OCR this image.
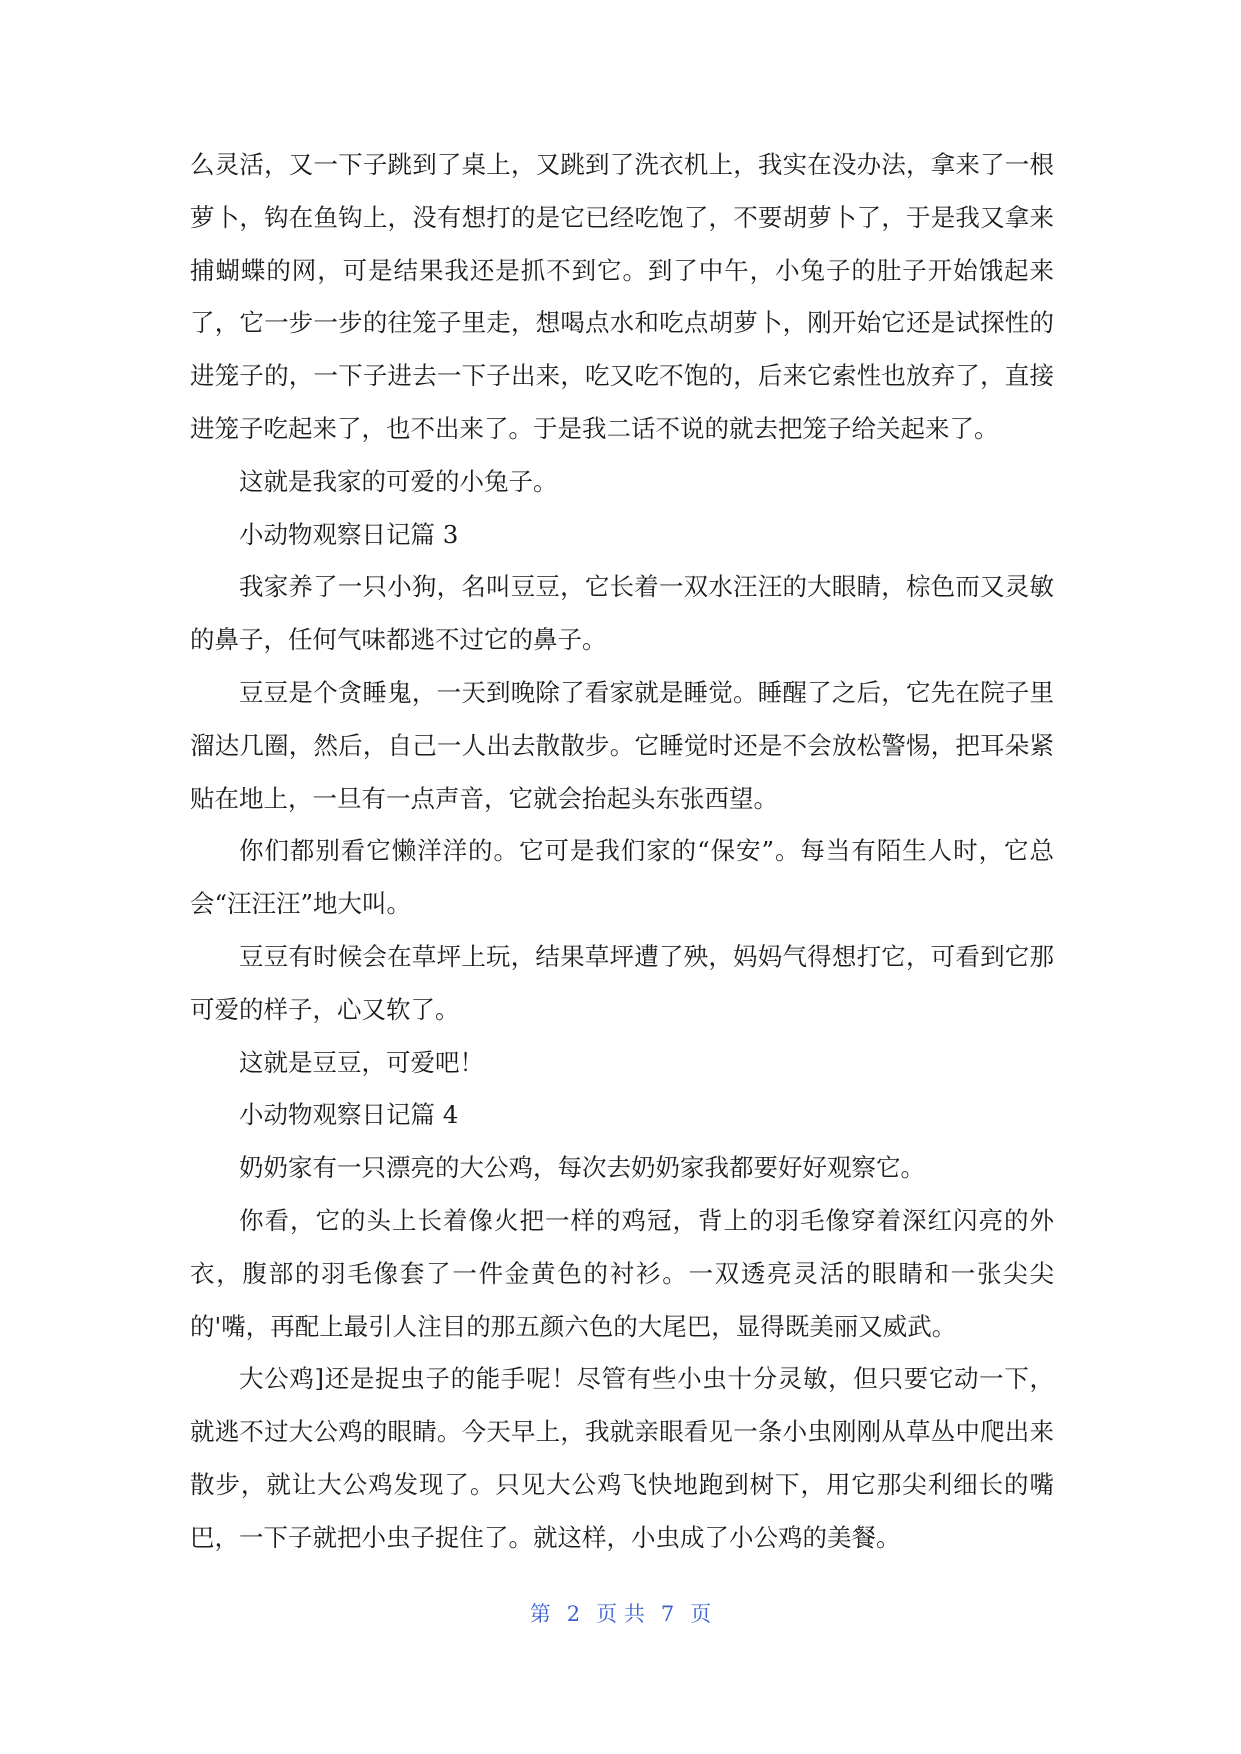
么灵活，又一下子跳到了桌上，又跳到了洗衣机上，我实在没办法，拿来了一根萝卜，钩在鱼钩上，没有想打的是它已经吃饱了，不要胡萝卜了，于是我又拿来捕蝴蝶的网，可是结果我还是抓不到它。到了中午，小兔子的肚子开始饿起来了，它一步一步的往笼子里走，想喝点水和吃点胡萝卜，刚开始它还是试探性的进笼子的，一下子进去一下子出来，吃又吃不饱的，后来它索性也放弃了，直接进笼子吃起来了，也不出来了。于是我二话不说的就去把笼子给关起来了。

这就是我家的可爱的小兔子。

小动物观察日记篇 3

我家养了一只小狗，名叫豆豆，它长着一双水汪汪的大眼睛，棕色而又灵敏的鼻子，任何气味都逃不过它的鼻子。

豆豆是个贪睡鬼，一天到晚除了看家就是睡觉。睡醒了之后，它先在院子里溜达几圈，然后，自己一人出去散散步。它睡觉时还是不会放松警惕，把耳朵紧贴在地上，一旦有一点声音，它就会抬起头东张西望。

你们都别看它懒洋洋的。它可是我们家的“保安”。每当有陌生人时，它总会“汪汪汪”地大叫。

豆豆有时候会在草坪上玩，结果草坪遭了殃，妈妈气得想打它，可看到它那可爱的样子，心又软了。

这就是豆豆，可爱吧！

小动物观察日记篇 4

奶奶家有一只漂亮的大公鸡，每次去奶奶家我都要好好观察它。

你看，它的头上长着像火把一样的鸡冠，背上的羽毛像穿着深红闪亮的外衣，腹部的羽毛像套了一件金黄色的衬衫。一双透亮灵活的眼睛和一张尖尖的'嘴，再配上最引人注目的那五颜六色的大尾巴，显得既美丽又威武。

大公鸡]还是捉虫子的能手呢！尽管有些小虫十分灵敏，但只要它动一下，就逃不过大公鸡的眼睛。今天早上，我就亲眼看见一条小虫刚刚从草丛中爬出来散步，就让大公鸡发现了。只见大公鸡飞快地跑到树下，用它那尖利细长的嘴巴，一下子就把小虫子捉住了。就这样，小虫成了小公鸡的美餐。

第 2 页 共 7 页
